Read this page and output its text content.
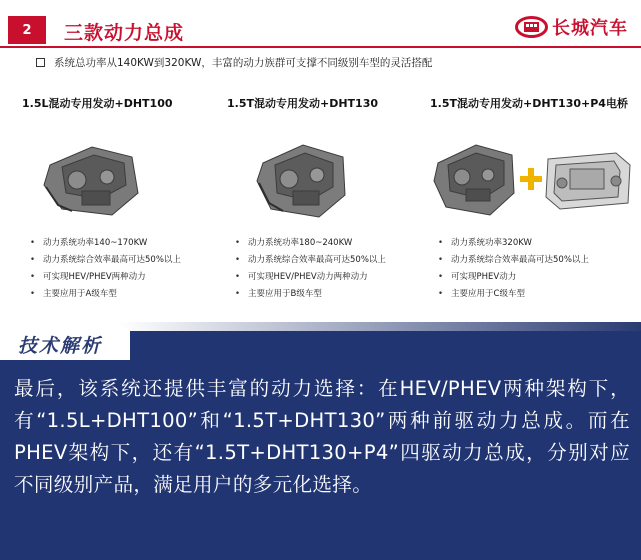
2	三款动力总成	长城汽车
系统总功率从140KW到320KW，丰富的动力族群可支撑不同级别车型的灵活搭配
1.5L混动专用发动+DHT100
• 动力系统功率140~170KW
• 动力系统综合效率最高可达50%以上
• 可实现HEV/PHEV两种动力
• 主要应用于A级车型
1.5T混动专用发动+DHT130
• 动力系统功率180~240KW
• 动力系统综合效率最高可达50%以上
• 可实现HEV/PHEV动力两种动力
• 主要应用于B级车型
1.5T混动专用发动+DHT130+P4电桥
• 动力系统功率320KW
• 动力系统综合效率最高可达50%以上
• 可实现PHEV动力
• 主要应用于C级车型
技术解析
最后，该系统还提供丰富的动力选择：在HEV/PHEV两种架构下，有“1.5L+DHT100”和“1.5T+DHT130”两种前驱动力总成。而在PHEV架构下，还有“1.5T+DHT130+P4”四驱动力总成，分别对应不同级别产品，满足用户的多元化选择。
